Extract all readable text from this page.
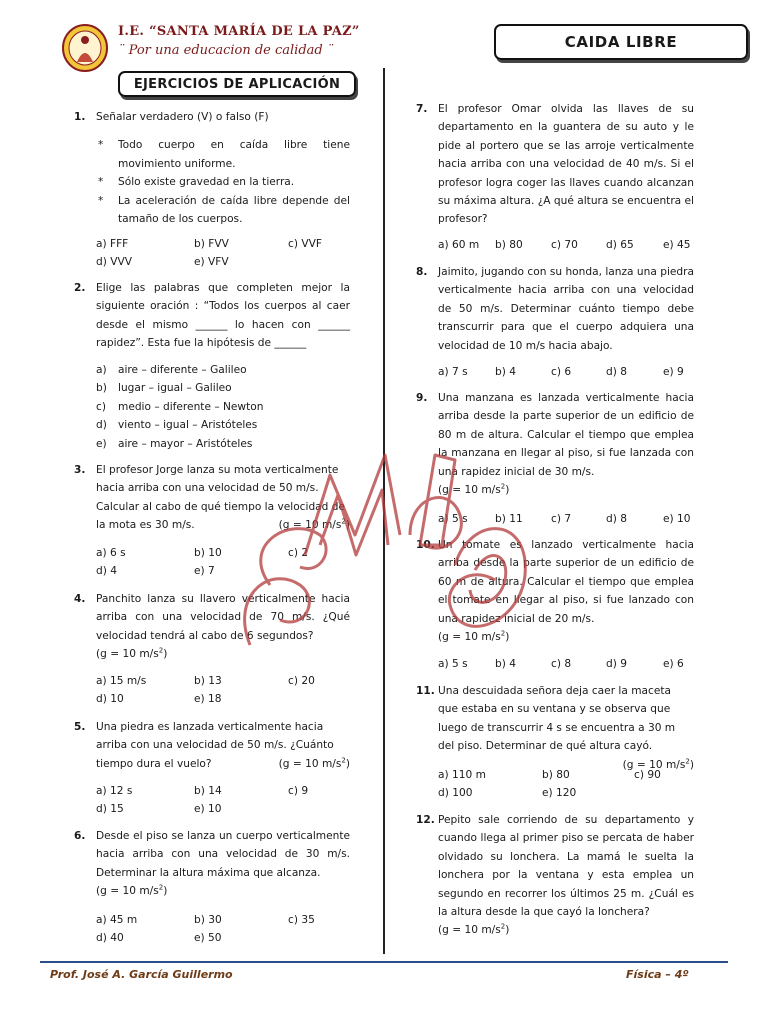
I.E. “SANTA MARÍA DE LA PAZ”
¨ Por una educacion de calidad ¨	CAIDA LIBRE
EJERCICIOS DE APLICACIÓN
1. Señalar verdadero (V) o falso (F)
* Todo cuerpo en caída libre tiene movimiento uniforme.
* Sólo existe gravedad en la tierra.
* La aceleración de caída libre depende del tamaño de los cuerpos.
a) FFF	b) FVV	c) VVF
d) VVV	e) VFV
2. Elige las palabras que completen mejor la siguiente oración : “Todos los cuerpos al caer desde el mismo ______ lo hacen con ______ rapidez”. Esta fue la hipótesis de ______
a)	aire – diferente – Galileo
b)	lugar – igual – Galileo
c)	medio – diferente – Newton
d)	viento – igual – Aristóteles
e)	aire – mayor – Aristóteles
3. El profesor Jorge lanza su mota verticalmente hacia arriba con una velocidad de 50 m/s. Calcular al cabo de qué tiempo la velocidad de la mota es 30 m/s.	(g = 10 $m/s^2$)
a) 6 s	b) 10	c) 2
d) 4	e) 7
4. Panchito lanza su llavero verticalmente hacia arriba con una velocidad de 70 m/s. ¿Qué velocidad tendrá al cabo de 6 segundos?
(g = 10 $m/s^2$)
a) 15 m/s	b) 13	c) 20
d) 10	e) 18
5. Una piedra es lanzada verticalmente hacia arriba con una velocidad de 50 m/s. ¿Cuánto tiempo dura el vuelo?	(g = 10 $m/s^2$)
a) 12 s	b) 14	c) 9
d) 15	e) 10
6. Desde el piso se lanza un cuerpo verticalmente hacia arriba con una velocidad de 30 m/s. Determinar la altura máxima que alcanza.
(g = 10 $m/s^2$)
a) 45 m	b) 30	c) 35
d) 40	e) 50
7. El profesor Omar olvida las llaves de su departamento en la guantera de su auto y le pide al portero que se las arroje verticalmente hacia arriba con una velocidad de 40 m/s. Si el profesor logra coger las llaves cuando alcanzan su máxima altura. ¿A qué altura se encuentra el profesor?
a) 60 m	b) 80	c) 70	d) 65	e) 45
8. Jaimito, jugando con su honda, lanza una piedra verticalmente hacia arriba con una velocidad de 50 m/s. Determinar cuánto tiempo debe transcurrir para que el cuerpo adquiera una velocidad de 10 m/s hacia abajo.
a) 7 s	b) 4	c) 6	d) 8	e) 9
9. Una manzana es lanzada verticalmente hacia arriba desde la parte superior de un edificio de 80 m de altura. Calcular el tiempo que emplea la manzana en llegar al piso, si fue lanzada con una rapidez inicial de 30 m/s.
(g = 10 $m/s^2$)
a) 5 s	b) 11	c) 7	d) 8	e) 10
10. Un tomate es lanzado verticalmente hacia arriba desde la parte superior de un edificio de 60 m de altura. Calcular el tiempo que emplea el tomate en llegar al piso, si fue lanzado con una rapidez inicial de 20 m/s.
(g = 10 $m/s^2$)
a) 5 s	b) 4	c) 8	d) 9	e) 6
11. Una descuidada señora deja caer la maceta que estaba en su ventana y se observa que luego de transcurrir 4 s se encuentra a 30 m del piso. Determinar de qué altura cayó.
(g = 10 $m/s^2$)
a) 110 m	b) 80	c) 90
d) 100	e) 120
12. Pepito sale corriendo de su departamento y cuando llega al primer piso se percata de haber olvidado su lonchera. La mamá le suelta la lonchera por la ventana y esta emplea un segundo en recorrer los últimos 25 m. ¿Cuál es la altura desde la que cayó la lonchera?
(g = 10 $m/s^2$)
Prof. José A. García Guillermo	Física – 4º
